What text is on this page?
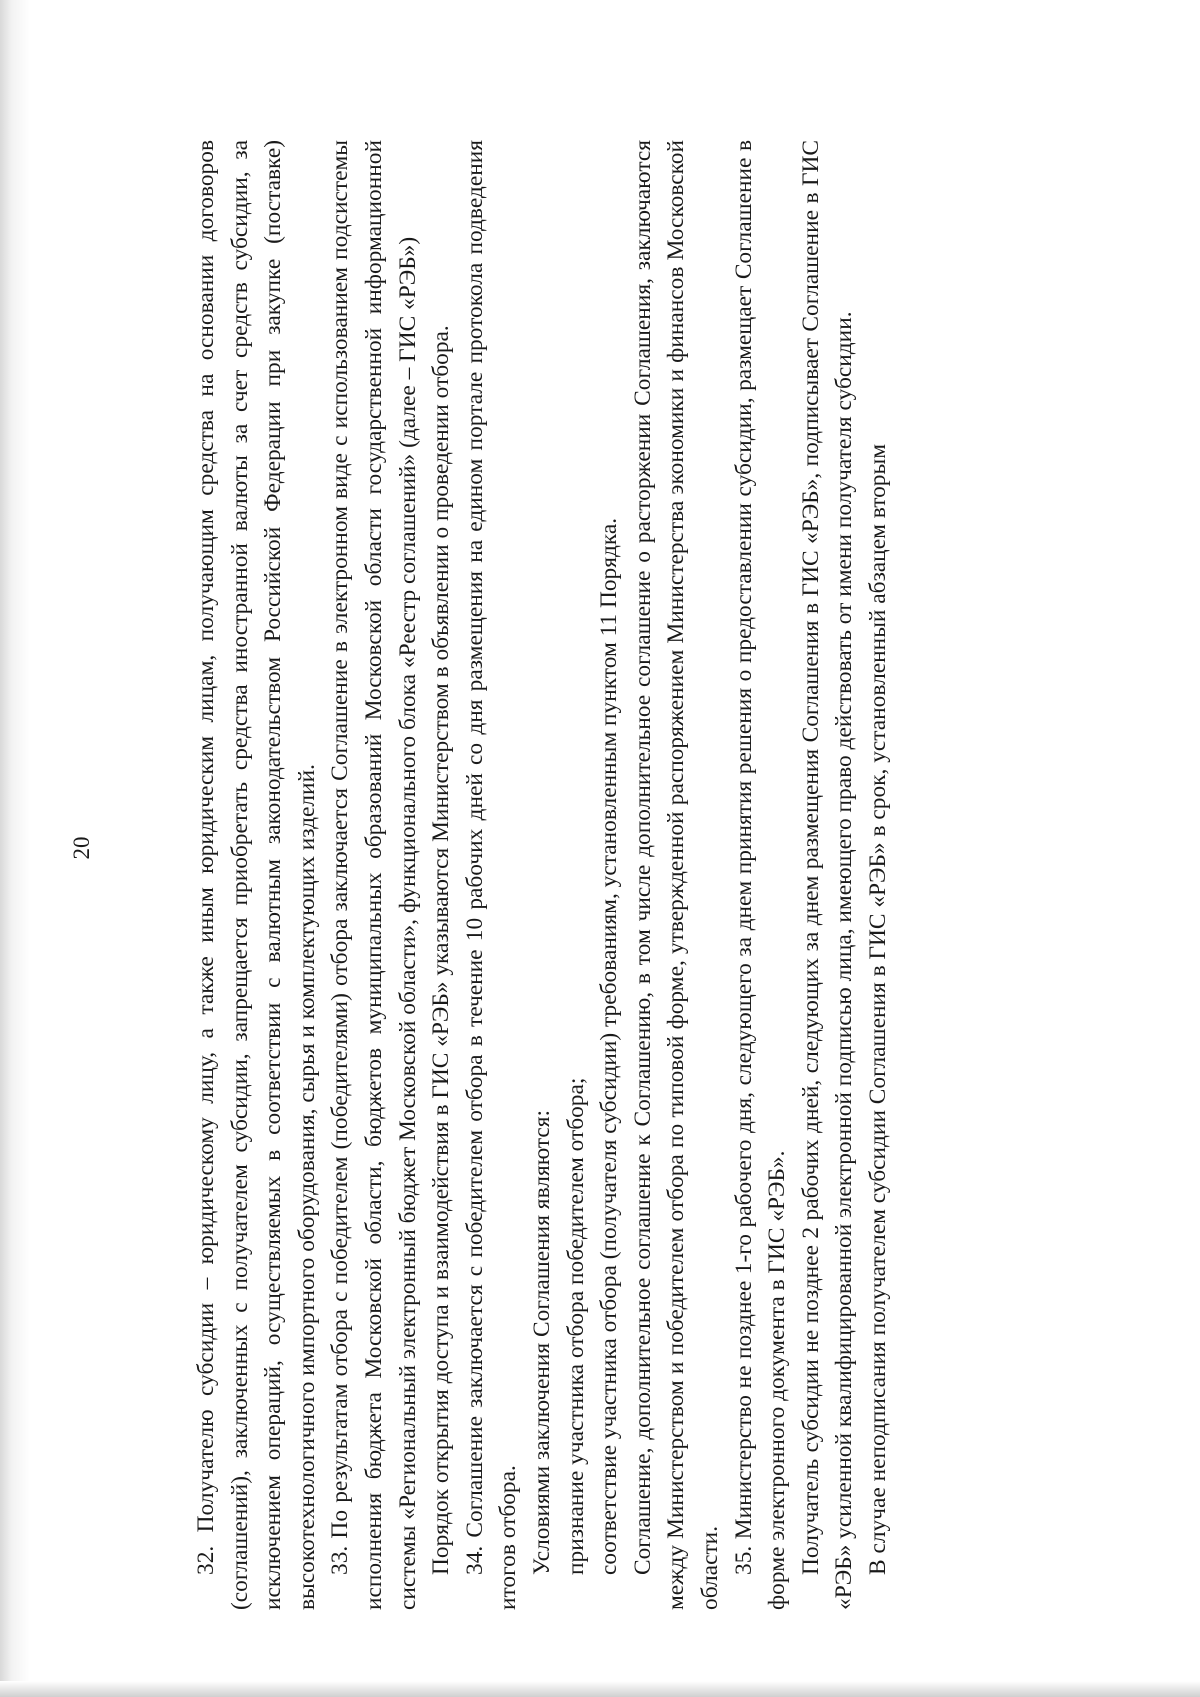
20	32. Получателю субсидии – юридическому лицу, а также иным юридическим лицам, получающим средства на основании договоров (соглашений), заключенных с получателем субсидии, запрещается приобретать средства иностранной валюты за счет средств субсидии, за исключением операций, осуществляемых в соответствии с валютным законодательством Российской Федерации при закупке (поставке) высокотехнологичного импортного оборудования, сырья и комплектующих изделий. 33. По результатам отбора с победителем (победителями) отбора заключается Соглашение в электронном виде с использованием подсистемы исполнения бюджета Московской области, бюджетов муниципальных образований Московской области государственной информационной системы «Региональный электронный бюджет Московской области», функционального блока «Реестр соглашений» (далее – ГИС «РЭБ») Порядок открытия доступа и взаимодействия в ГИС «РЭБ» указываются Министерством в объявлении о проведении отбора. 34. Соглашение заключается с победителем отбора в течение 10 рабочих дней со дня размещения на едином портале протокола подведения итогов отбора. Условиями заключения Соглашения являются: признание участника отбора победителем отбора; соответствие участника отбора (получателя субсидии) требованиям, установленным пунктом 11 Порядка. Соглашение, дополнительное соглашение к Соглашению, в том числе дополнительное соглашение о расторжении Соглашения, заключаются между Министерством и победителем отбора по типовой форме, утвержденной распоряжением Министерства экономики и финансов Московской области. 35. Министерство не позднее 1-го рабочего дня, следующего за днем принятия решения о предоставлении субсидии, размещает Соглашение в форме электронного документа в ГИС «РЭБ». Получатель субсидии не позднее 2 рабочих дней, следующих за днем размещения Соглашения в ГИС «РЭБ», подписывает Соглашение в ГИС «РЭБ» усиленной квалифицированной электронной подписью лица, имеющего право действовать от имени получателя субсидии. В случае неподписания получателем субсидии Соглашения в ГИС «РЭБ» в срок, установленный абзацем вторым
